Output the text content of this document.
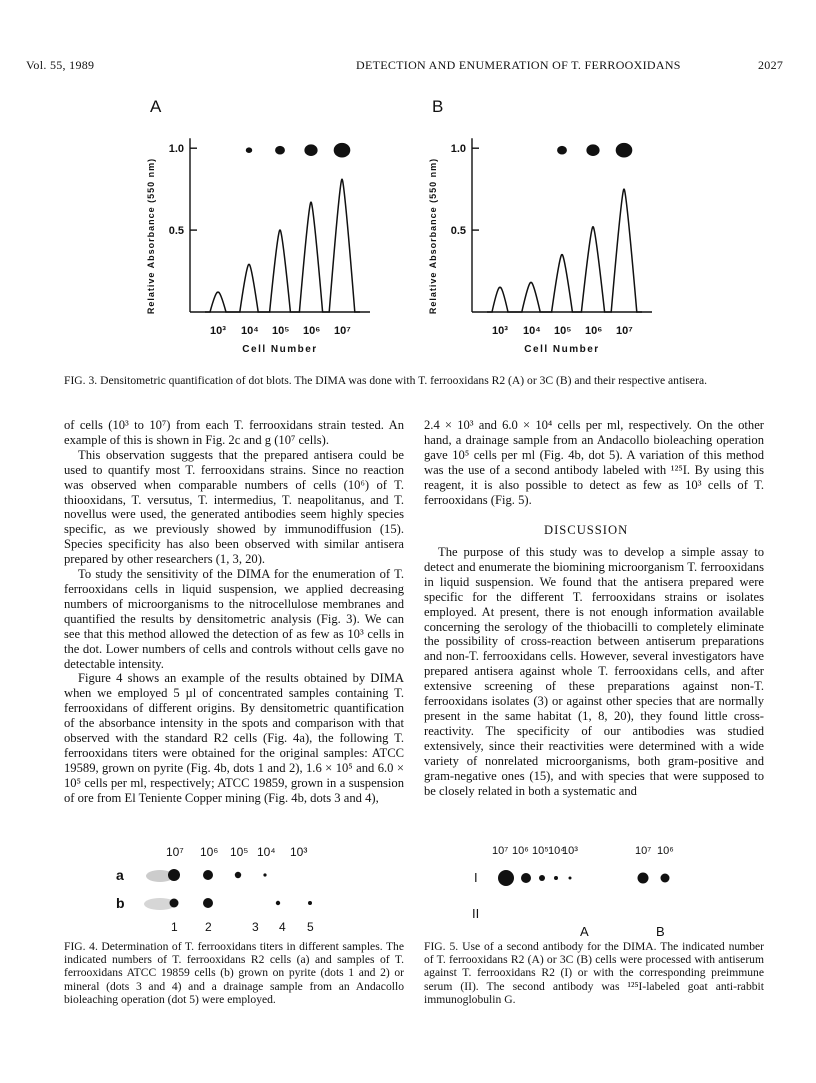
Vol. 55, 1989	DETECTION AND ENUMERATION OF T. FERROOXIDANS	2027
A
0.5
1.0
Relative Absorbance (550 nm)
10³ 10⁴ 10⁵ 10⁶ 10⁷
Cell Number
B
0.5
1.0
Relative Absorbance (550 nm)
10³ 10⁴ 10⁵ 10⁶ 10⁷
Cell Number
FIG. 3. Densitometric quantification of dot blots. The DIMA was done with T. ferrooxidans R2 (A) or 3C (B) and their respective antisera.

of cells (10³ to 10⁷) from each T. ferrooxidans strain tested. An example of this is shown in Fig. 2c and g (10⁷ cells).

This observation suggests that the prepared antisera could be used to quantify most T. ferrooxidans strains. Since no reaction was observed when comparable numbers of cells (10⁶) of T. thiooxidans, T. versutus, T. intermedius, T. neapolitanus, and T. novellus were used, the generated antibodies seem highly species specific, as we previously showed by immunodiffusion (15). Species specificity has also been observed with similar antisera prepared by other researchers (1, 3, 20).

To study the sensitivity of the DIMA for the enumeration of T. ferrooxidans cells in liquid suspension, we applied decreasing numbers of microorganisms to the nitrocellulose membranes and quantified the results by densitometric analysis (Fig. 3). We can see that this method allowed the detection of as few as 10³ cells in the dot. Lower numbers of cells and controls without cells gave no detectable intensity.

Figure 4 shows an example of the results obtained by DIMA when we employed 5 µl of concentrated samples containing T. ferrooxidans of different origins. By densitometric quantification of the absorbance intensity in the spots and comparison with that observed with the standard R2 cells (Fig. 4a), the following T. ferrooxidans titers were obtained for the original samples: ATCC 19589, grown on pyrite (Fig. 4b, dots 1 and 2), 1.6 × 10⁵ and 6.0 × 10⁵ cells per ml, respectively; ATCC 19859, grown in a suspension of ore from El Teniente Copper mining (Fig. 4b, dots 3 and 4),

2.4 × 10³ and 6.0 × 10⁴ cells per ml, respectively. On the other hand, a drainage sample from an Andacollo bioleaching operation gave 10⁵ cells per ml (Fig. 4b, dot 5). A variation of this method was the use of a second antibody labeled with ¹²⁵I. By using this reagent, it is also possible to detect as few as 10³ cells of T. ferrooxidans (Fig. 5).

DISCUSSION

The purpose of this study was to develop a simple assay to detect and enumerate the biomining microorganism T. ferrooxidans in liquid suspension. We found that the antisera prepared were specific for the different T. ferrooxidans strains or isolates employed. At present, there is not enough information available concerning the serology of the thiobacilli to completely eliminate the possibility of cross-reaction between antiserum preparations and non-T. ferrooxidans cells. However, several investigators have prepared antisera against whole T. ferrooxidans cells, and after extensive screening of these preparations against non-T. ferrooxidans isolates (3) or against other species that are normally present in the same habitat (1, 8, 20), they found little cross-reactivity. The specificity of our antibodies was studied extensively, since their reactivities were determined with a wide variety of nonrelated microorganisms, both gram-positive and gram-negative ones (15), and with species that were supposed to be closely related in both a systematic and

10⁷ 10⁶ 10⁵ 10⁴ 10³
a
b
1 2	3 4 5
FIG. 4. Determination of T. ferrooxidans titers in different samples. The indicated numbers of T. ferrooxidans R2 cells (a) and samples of T. ferrooxidans ATCC 19859 cells (b) grown on pyrite (dots 1 and 2) or mineral (dots 3 and 4) and a drainage sample from an Andacollo bioleaching operation (dot 5) were employed.
10⁷ 10⁶ 10⁵ 10⁴
10³	10⁷ 10⁶
I
II
A	B
FIG. 5. Use of a second antibody for the DIMA. The indicated number of T. ferrooxidans R2 (A) or 3C (B) cells were processed with antiserum against T. ferrooxidans R2 (I) or with the corresponding preimmune serum (II). The second antibody was ¹²⁵I-labeled goat anti-rabbit immunoglobulin G.
